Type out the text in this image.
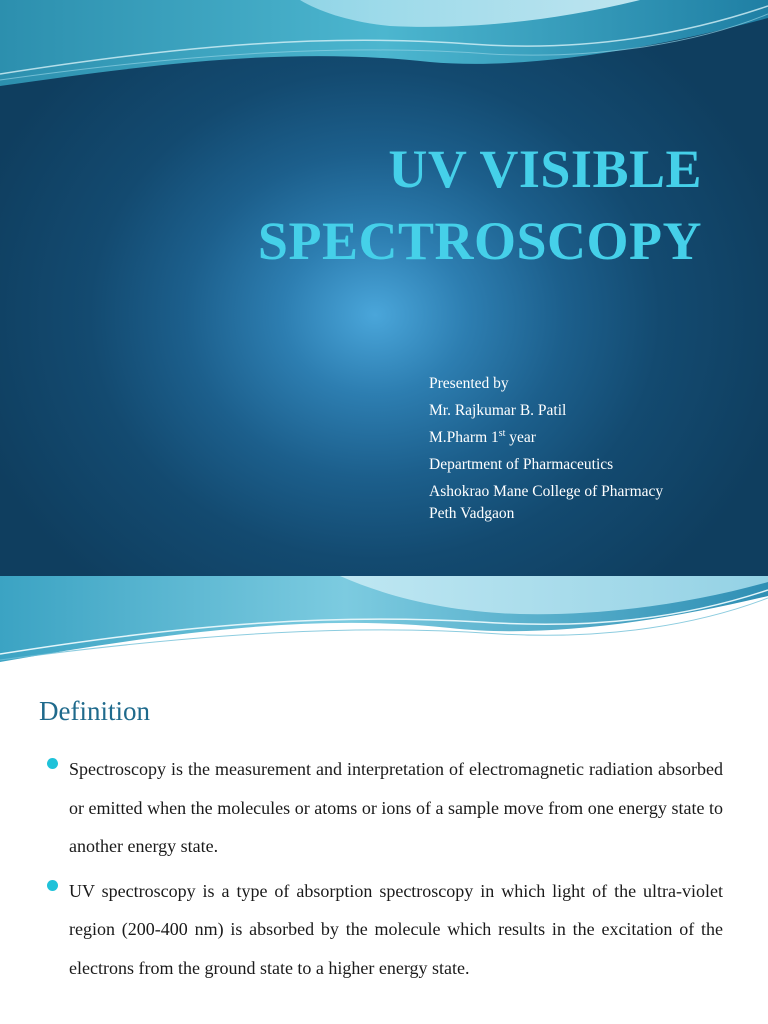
UV VISIBLE
SPECTROSCOPY
Presented by
Mr. Rajkumar B. Patil
M.Pharm 1st year
Department of Pharmaceutics
Ashokrao Mane College of Pharmacy
Peth Vadgaon
Definition

Spectroscopy is the measurement and interpretation of electromagnetic radiation absorbed or emitted when the molecules or atoms or ions of a sample move from one energy state to another energy state.

UV spectroscopy is a type of absorption spectroscopy in which light of the ultra-violet region (200-400 nm) is absorbed by the molecule which results in the excitation of the electrons from the ground state to a higher energy state.
